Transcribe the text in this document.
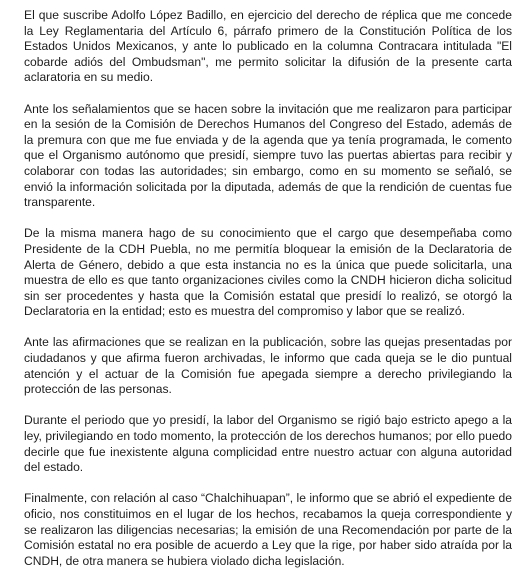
El que suscribe Adolfo López Badillo, en ejercicio del derecho de réplica que me concede la Ley Reglamentaria del Artículo 6, párrafo primero de la Constitución Política de los Estados Unidos Mexicanos, y ante lo publicado en la columna Contracara intitulada "El cobarde adiós del Ombudsman", me permito solicitar la difusión de la presente carta aclaratoria en su medio.

Ante los señalamientos que se hacen sobre la invitación que me realizaron para participar en la sesión de la Comisión de Derechos Humanos del Congreso del Estado, además de la premura con que me fue enviada y de la agenda que ya tenía programada, le comento que el Organismo autónomo que presidí, siempre tuvo las puertas abiertas para recibir y colaborar con todas las autoridades; sin embargo, como en su momento se señaló, se envió la información solicitada por la diputada, además de que la rendición de cuentas fue transparente.

De la misma manera hago de su conocimiento que el cargo que desempeñaba como Presidente de la CDH Puebla, no me permitía bloquear la emisión de la Declaratoria de Alerta de Género, debido a que esta instancia no es la única que puede solicitarla, una muestra de ello es que tanto organizaciones civiles como la CNDH hicieron dicha solicitud sin ser procedentes y hasta que la Comisión estatal que presidí lo realizó, se otorgó la Declaratoria en la entidad; esto es muestra del compromiso y labor que se realizó.

Ante las afirmaciones que se realizan en la publicación, sobre las quejas presentadas por ciudadanos y que afirma fueron archivadas, le informo que cada queja se le dio puntual atención y el actuar de la Comisión fue apegada siempre a derecho privilegiando la protección de las personas.

Durante el periodo que yo presidí, la labor del Organismo se rigió bajo estricto apego a la ley, privilegiando en todo momento, la protección de los derechos humanos; por ello puedo decirle que fue inexistente alguna complicidad entre nuestro actuar con alguna autoridad del estado.

Finalmente, con relación al caso “Chalchihuapan”, le informo que se abrió el expediente de oficio, nos constituimos en el lugar de los hechos, recabamos la queja correspondiente y se realizaron las diligencias necesarias; la emisión de una Recomendación por parte de la Comisión estatal no era posible de acuerdo a Ley que la rige, por haber sido atraída por la CNDH, de otra manera se hubiera violado dicha legislación.
